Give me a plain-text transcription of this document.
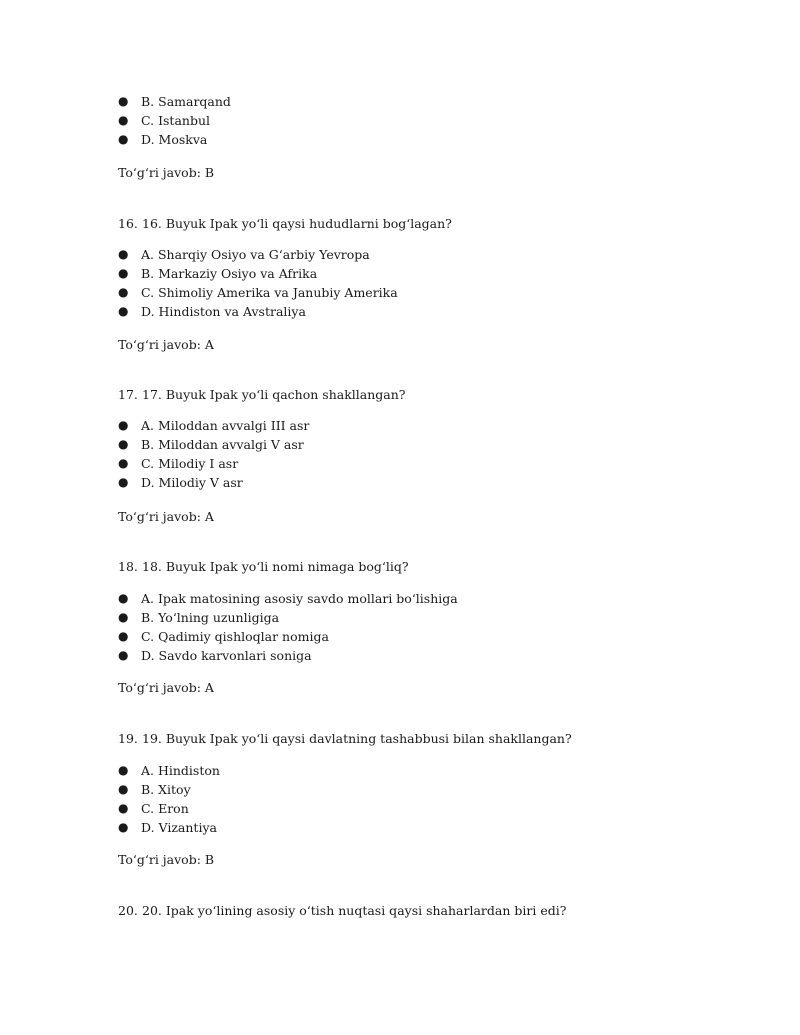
● B. Samarqand
● C. Istanbul
● D. Moskva
To‘g‘ri javob: B
16. 16. Buyuk Ipak yo‘li qaysi hududlarni bog‘lagan?
● A. Sharqiy Osiyo va G‘arbiy Yevropa
● B. Markaziy Osiyo va Afrika
● C. Shimoliy Amerika va Janubiy Amerika
● D. Hindiston va Avstraliya
To‘g‘ri javob: A
17. 17. Buyuk Ipak yo‘li qachon shakllangan?
● A. Miloddan avvalgi III asr
● B. Miloddan avvalgi V asr
● C. Milodiy I asr
● D. Milodiy V asr
To‘g‘ri javob: A
18. 18. Buyuk Ipak yo‘li nomi nimaga bog‘liq?
● A. Ipak matosining asosiy savdo mollari bo‘lishiga
● B. Yo‘lning uzunligiga
● C. Qadimiy qishloqlar nomiga
● D. Savdo karvonlari soniga
To‘g‘ri javob: A
19. 19. Buyuk Ipak yo‘li qaysi davlatning tashabbusi bilan shakllangan?
● A. Hindiston
● B. Xitoy
● C. Eron
● D. Vizantiya
To‘g‘ri javob: B
20. 20. Ipak yo‘lining asosiy o‘tish nuqtasi qaysi shaharlardan biri edi?
